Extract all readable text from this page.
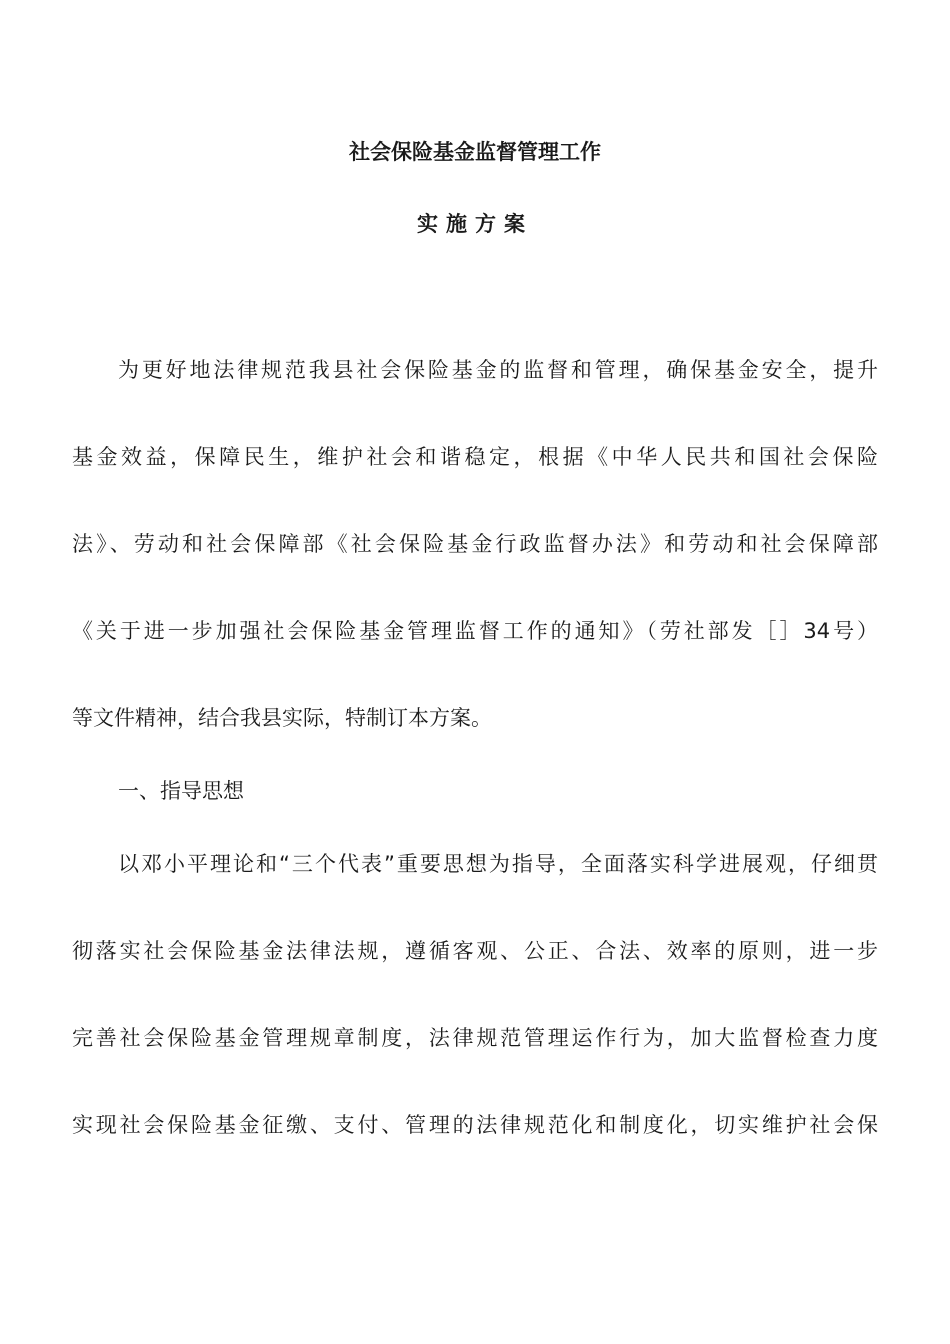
社会保险基金监督管理工作
实施方案
为更好地法律规范我县社会保险基金的监督和管理，确保基金安全，提升
基金效益，保障民生，维护社会和谐稳定，根据《中华人民共和国社会保险
法》、劳动和社会保障部《社会保险基金行政监督办法》和劳动和社会保障部
《关于进一步加强社会保险基金管理监督工作的通知》（劳社部发［］34号）
等文件精神，结合我县实际，特制订本方案。
一、指导思想
以邓小平理论和“三个代表”重要思想为指导，全面落实科学进展观，仔细贯
彻落实社会保险基金法律法规，遵循客观、公正、合法、效率的原则，进一步
完善社会保险基金管理规章制度，法律规范管理运作行为，加大监督检查力度
实现社会保险基金征缴、支付、管理的法律规范化和制度化，切实维护社会保
